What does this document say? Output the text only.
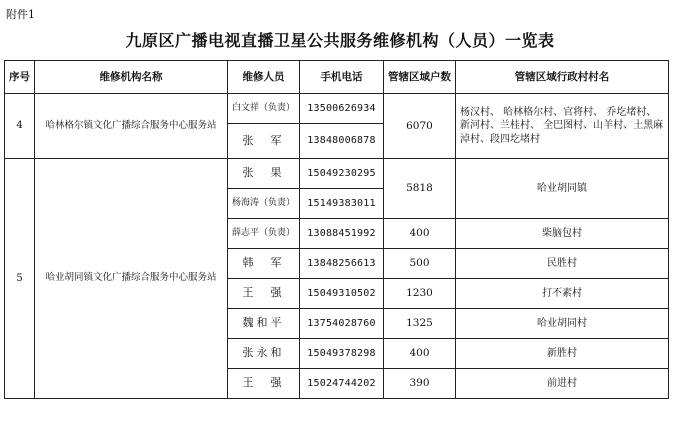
附件1
九原区广播电视直播卫星公共服务维修机构（人员）一览表
序号	维修机构名称	维修人员	手机电话	管辖区域户数	管辖区域行政村村名
4	哈林格尔镇文化广播综合服务中心服务站	白文祥（负责）	13500626934	6070	杨汉村、 哈林格尔村、官将村、 乔圪堵村、新河村、兰桂村、 全巴图村、山羊村、土黑麻淖村、段四圪堵村
		张　军	13848006878		
5	哈业胡同镇文化广播综合服务中心服务站	张　果	15049230295	5818	哈业胡同镇
		杨海涛（负责）	15149383011		
		薛志平（负责）	13088451992	400	柴脑包村
		韩　军	13848256613	500	民胜村
		王　强	15049310502	1230	打不素村
		魏和平	13754028760	1325	哈业胡同村
		张永和	15049378298	400	新胜村
		王　强	15024744202	390	前进村
